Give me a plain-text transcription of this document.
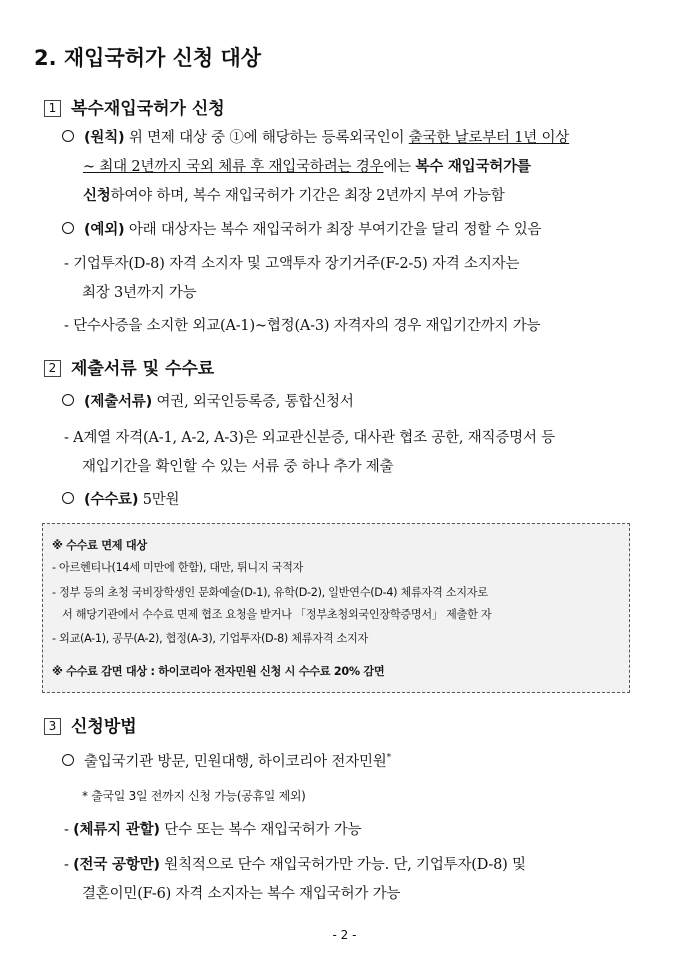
2. 재입국허가 신청 대상
1 복수재입국허가 신청
(원칙) 위 면제 대상 중 ①에 해당하는 등록외국인이 출국한 날로부터 1년 이상
~ 최대 2년까지 국외 체류 후 재입국하려는 경우에는 복수 재입국허가를
신청하여야 하며, 복수 재입국허가 기간은 최장 2년까지 부여 가능함
(예외) 아래 대상자는 복수 재입국허가 최장 부여기간을 달리 정할 수 있음
- 기업투자(D-8) 자격 소지자 및 고액투자 장기거주(F-2-5) 자격 소지자는
최장 3년까지 가능
- 단수사증을 소지한 외교(A-1)~협정(A-3) 자격자의 경우 재입기간까지 가능
2 제출서류 및 수수료
(제출서류) 여권, 외국인등록증, 통합신청서
- A계열 자격(A-1, A-2, A-3)은 외교관신분증, 대사관 협조 공한, 재직증명서 등
재입기간을 확인할 수 있는 서류 중 하나 추가 제출
(수수료) 5만원
※ 수수료 면제 대상
- 아르헨티나(14세 미만에 한함), 대만, 튀니지 국적자
- 정부 등의 초청 국비장학생인 문화예술(D-1), 유학(D-2), 일반연수(D-4) 체류자격 소지자로
서 해당기관에서 수수료 면제 협조 요청을 받거나 「정부초청외국인장학증명서」 제출한 자
- 외교(A-1), 공무(A-2), 협정(A-3), 기업투자(D-8) 체류자격 소지자
※ 수수료 감면 대상 : 하이코리아 전자민원 신청 시 수수료 20% 감면
3 신청방법
출입국기관 방문, 민원대행, 하이코리아 전자민원*
* 출국일 3일 전까지 신청 가능(공휴일 제외)
- (체류지 관할) 단수 또는 복수 재입국허가 가능
- (전국 공항만) 원칙적으로 단수 재입국허가만 가능. 단, 기업투자(D-8) 및
결혼이민(F-6) 자격 소지자는 복수 재입국허가 가능
- 2 -
